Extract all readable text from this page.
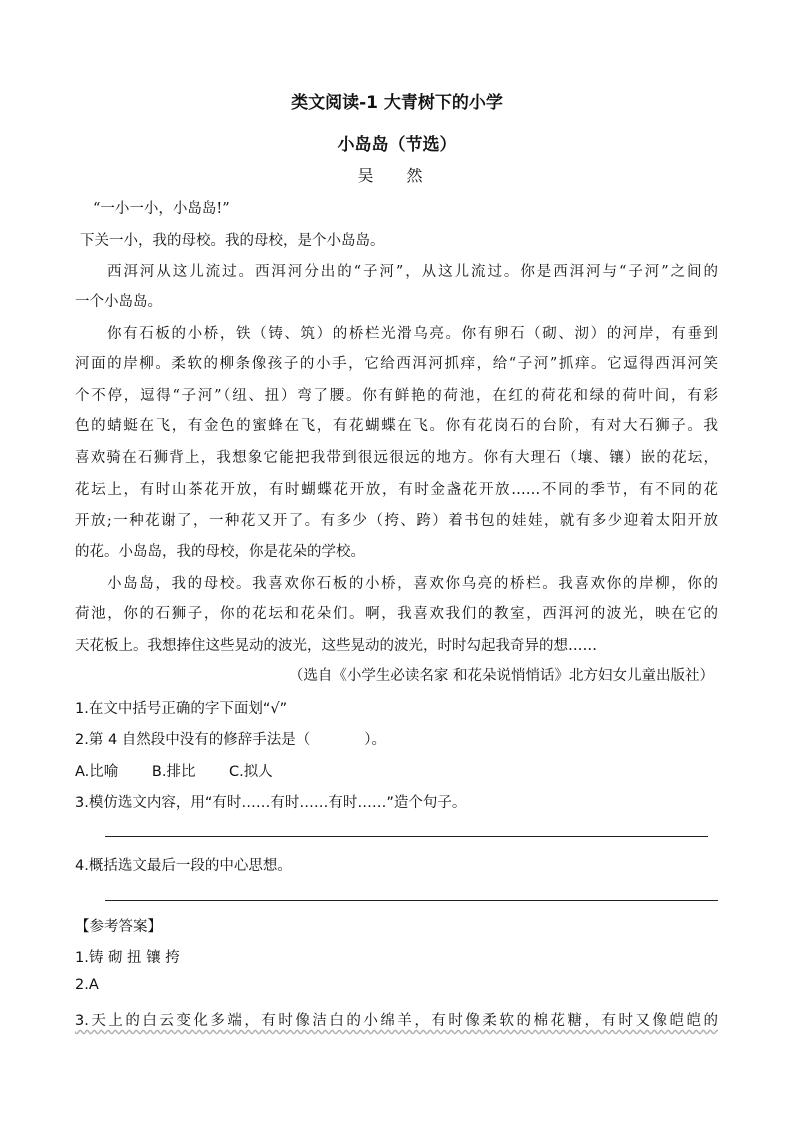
类文阅读-1 大青树下的小学
小岛岛（节选）
吴 然
“一小一小，小岛岛!”
下关一小，我的母校。我的母校，是个小岛岛。
西洱河从这儿流过。西洱河分出的“子河”，从这儿流过。你是西洱河与“子河”之间的
一个小岛岛。
你有石板的小桥，铁（铸、筑）的桥栏光滑乌亮。你有卵石（砌、沏）的河岸，有垂到
河面的岸柳。柔软的柳条像孩子的小手，它给西洱河抓痒，给“子河”抓痒。它逗得西洱河笑
个不停，逗得“子河”（纽、扭）弯了腰。你有鲜艳的荷池，在红的荷花和绿的荷叶间，有彩
色的蜻蜓在飞，有金色的蜜蜂在飞，有花蝴蝶在飞。你有花岗石的台阶，有对大石狮子。我
喜欢骑在石狮背上，我想象它能把我带到很远很远的地方。你有大理石（壤、镶）嵌的花坛，
花坛上，有时山茶花开放，有时蝴蝶花开放，有时金盏花开放……不同的季节，有不同的花
开放;一种花谢了，一种花又开了。有多少（挎、跨）着书包的娃娃，就有多少迎着太阳开放
的花。小岛岛，我的母校，你是花朵的学校。
小岛岛，我的母校。我喜欢你石板的小桥，喜欢你乌亮的桥栏。我喜欢你的岸柳，你的
荷池，你的石狮子，你的花坛和花朵们。啊，我喜欢我们的教室，西洱河的波光，映在它的
天花板上。我想捧住这些晃动的波光，这些晃动的波光，时时勾起我奇异的想……
（选自《小学生必读名家 和花朵说悄悄话》北方妇女儿童出版社）
1.在文中括号正确的字下面划“√”
2.第 4 自然段中没有的修辞手法是（	）。
A.比喻　　 B.排比　　 C.拟人
3.模仿选文内容，用“有时……有时……有时……”造个句子。
4.概括选文最后一段的中心思想。
【参考答案】
1.铸 砌 扭 镶 挎
2.A
3.天上的白云变化多端，有时像洁白的小绵羊，有时像柔软的棉花糖，有时又像皑皑的
